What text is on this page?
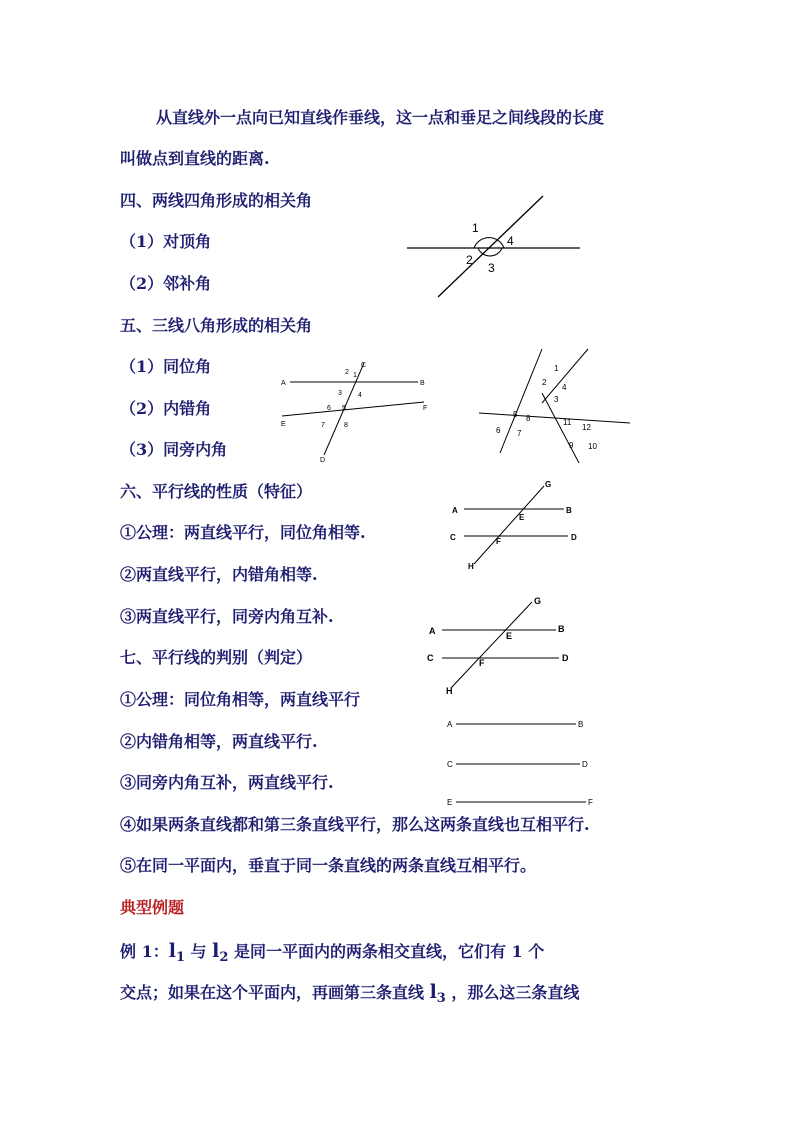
从直线外一点向已知直线作垂线，这一点和垂足之间线段的长度
叫做点到直线的距离.
四、两线四角形成的相关角
（1）对顶角
（2）邻补角
五、三线八角形成的相关角
（1）同位角
（2）内错角
（3）同旁内角
六、平行线的性质（特征）
①公理：两直线平行，同位角相等.
②两直线平行，内错角相等.
③两直线平行，同旁内角互补.
七、平行线的判别（判定）
①公理：同位角相等，两直线平行
②内错角相等，两直线平行.
③同旁内角互补，两直线平行.
④如果两条直线都和第三条直线平行，那么这两条直线也互相平行.
⑤在同一平面内，垂直于同一条直线的两条直线互相平行。
典型例题
例 1：$l_1$ 与 $l_2$ 是同一平面内的两条相交直线，它们有 1 个
交点；如果在这个平面内，再画第三条直线 $l_3$ ，那么这三条直线
1
4
2
3
A	B
C
D
E
F
1
2
3 4
5
6
7	8
1
2
3
4
5
6 7
8
9 10
11
12
A	B
C	D
E
F
G
H
A	B
C	D
E
F
G
H
A	B
C	D
E	F
